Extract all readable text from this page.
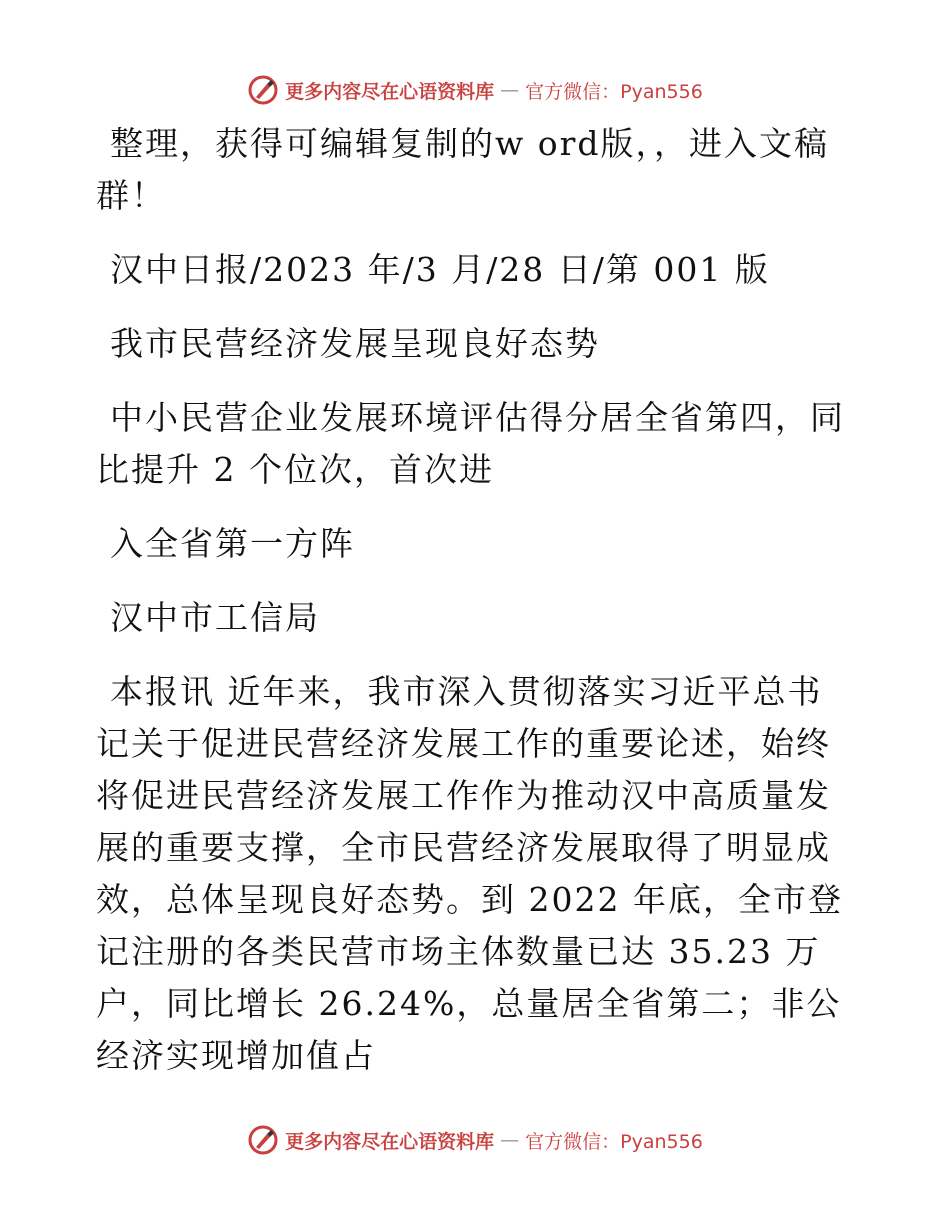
更多内容尽在心语资料库 — 官方微信：Pyan556

整理，获得可编辑复制的w ord版，，进入文稿群！

汉中日报/2023 年/3 月/28 日/第 001 版

我市民营经济发展呈现良好态势

中小民营企业发展环境评估得分居全省第四，同比提升 2 个位次，首次进

入全省第一方阵

汉中市工信局

本报讯 近年来，我市深入贯彻落实习近平总书记关于促进民营经济发展工作的重要论述，始终将促进民营经济发展工作作为推动汉中高质量发展的重要支撑，全市民营经济发展取得了明显成效，总体呈现良好态势。到 2022 年底，全市登记注册的各类民营市场主体数量已达 35.23 万户，同比增长 26.24%，总量居全省第二；非公经济实现增加值占

更多内容尽在心语资料库 — 官方微信：Pyan556
